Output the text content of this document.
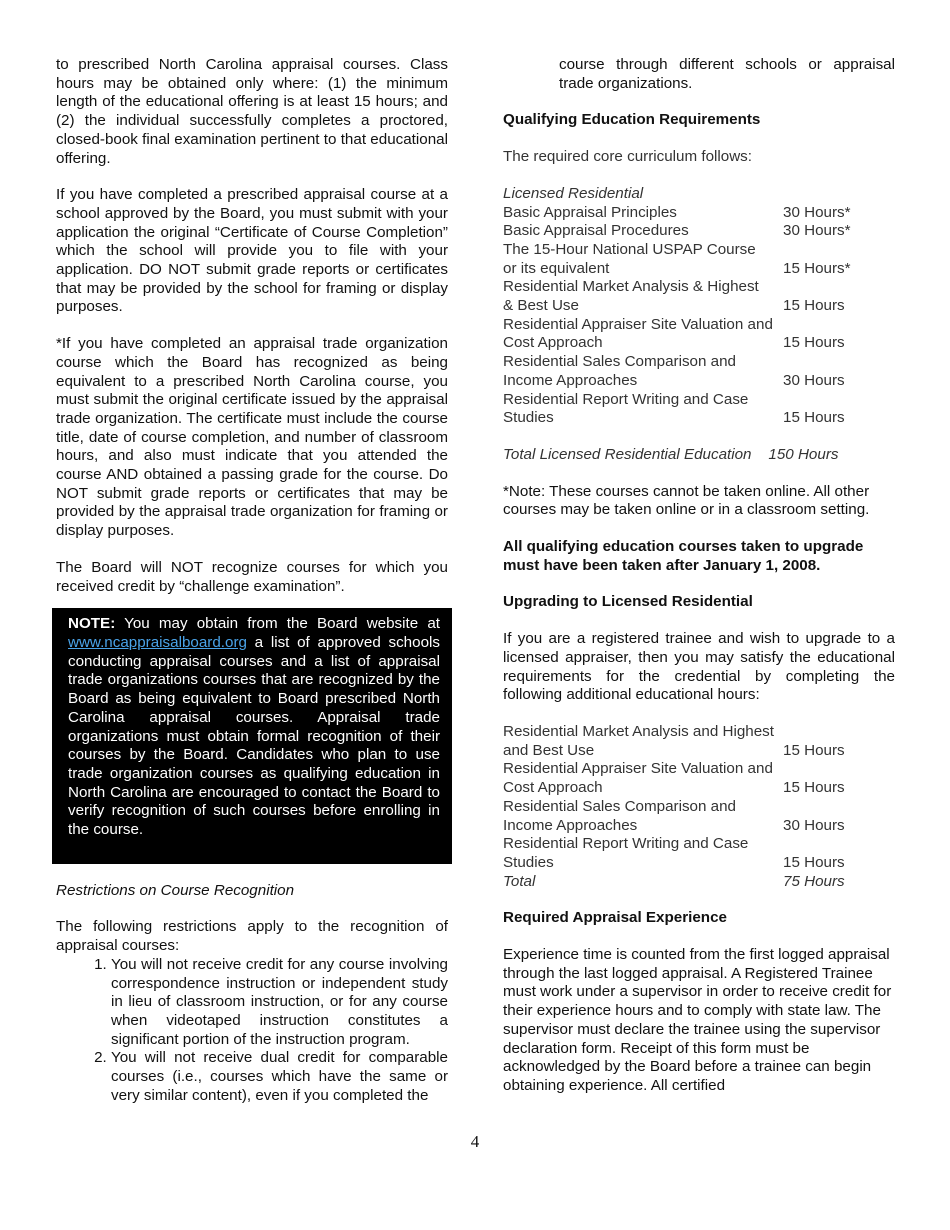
to prescribed North Carolina appraisal courses. Class hours may be obtained only where: (1) the minimum length of the educational offering is at least 15 hours; and (2) the individual successfully completes a proctored, closed-book final examination pertinent to that educational offering.

If you have completed a prescribed appraisal course at a school approved by the Board, you must submit with your application the original “Certificate of Course Completion” which the school will provide you to file with your application. DO NOT submit grade reports or certificates that may be provided by the school for framing or display purposes.

*If you have completed an appraisal trade organization course which the Board has recognized as being equivalent to a prescribed North Carolina course, you must submit the original certificate issued by the appraisal trade organization. The certificate must include the course title, date of course completion, and number of classroom hours, and also must indicate that you attended the course AND obtained a passing grade for the course. Do NOT submit grade reports or certificates that may be provided by the appraisal trade organization for framing or display purposes.

The Board will NOT recognize courses for which you received credit by “challenge examination”.

NOTE: You may obtain from the Board website at www.ncappraisalboard.org a list of approved schools conducting appraisal courses and a list of appraisal trade organizations courses that are recognized by the Board as being equivalent to Board prescribed North Carolina appraisal courses. Appraisal trade organizations must obtain formal recognition of their courses by the Board. Candidates who plan to use trade organization courses as qualifying education in North Carolina are encouraged to contact the Board to verify recognition of such courses before enrolling in the course.

Restrictions on Course Recognition

The following restrictions apply to the recognition of appraisal courses:

1. You will not receive credit for any course involving correspondence instruction or independent study in lieu of classroom instruction, or for any course when videotaped instruction constitutes a significant portion of the instruction program.
2. You will not receive dual credit for comparable courses (i.e., courses which have the same or very similar content), even if you completed the

course through different schools or appraisal trade organizations.

Qualifying Education Requirements

The required core curriculum follows:

Licensed Residential

Basic Appraisal Principles	30 Hours*
Basic Appraisal Procedures	30 Hours*
The 15-Hour National USPAP Course	
or its equivalent	15 Hours*
Residential Market Analysis & Highest	
& Best Use	15 Hours
Residential Appraiser Site Valuation and	
Cost Approach	15 Hours
Residential Sales Comparison and	
Income Approaches	30 Hours
Residential Report Writing and Case	
Studies	15 Hours

Total Licensed Residential Education 150 Hours

*Note: These courses cannot be taken online. All other courses may be taken online or in a classroom setting.

All qualifying education courses taken to upgrade must have been taken after January 1, 2008.
Upgrading to Licensed Residential

If you are a registered trainee and wish to upgrade to a licensed appraiser, then you may satisfy the educational requirements for the credential by completing the following additional educational hours:

Residential Market Analysis and Highest	
and Best Use	15 Hours
Residential Appraiser Site Valuation and	
Cost Approach	15 Hours
Residential Sales Comparison and	
Income Approaches	30 Hours
Residential Report Writing and Case	
Studies	15 Hours
Total	75 Hours
Required Appraisal Experience

Experience time is counted from the first logged appraisal through the last logged appraisal. A Registered Trainee must work under a supervisor in order to receive credit for their experience hours and to comply with state law. The supervisor must declare the trainee using the supervisor declaration form. Receipt of this form must be acknowledged by the Board before a trainee can begin obtaining experience. All certified

4
